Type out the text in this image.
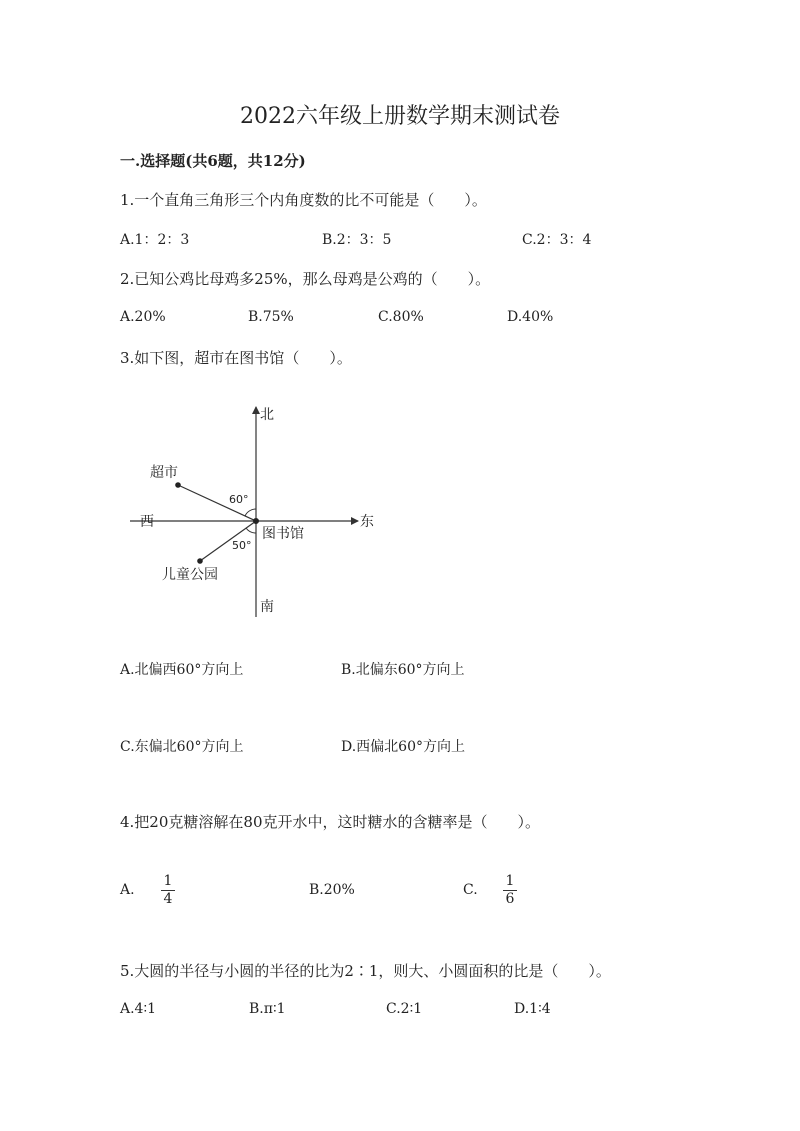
2022六年级上册数学期末测试卷
一.选择题(共6题，共12分)
1.一个直角三角形三个内角度数的比不可能是（　　）。
A.1：2：3	B.2：3：5	C.2：3：4
2.已知公鸡比母鸡多25%，那么母鸡是公鸡的（　　）。
A.20%	B.75%	C.80%	D.40%
3.如下图，超市在图书馆（　　）。
北
南
东
西
超市
图书馆
儿童公园
60°
50°
A.北偏西60°方向上	B.北偏东60°方向上
C.东偏北60°方向上	D.西偏北60°方向上
4.把20克糖溶解在80克开水中，这时糖水的含糖率是（　　）。
A.
1
4
B.20%	C.
1
6
5.大圆的半径与小圆的半径的比为2∶1，则大、小圆面积的比是（　　）。
A.4∶1	B.π∶1	C.2∶1	D.1∶4
